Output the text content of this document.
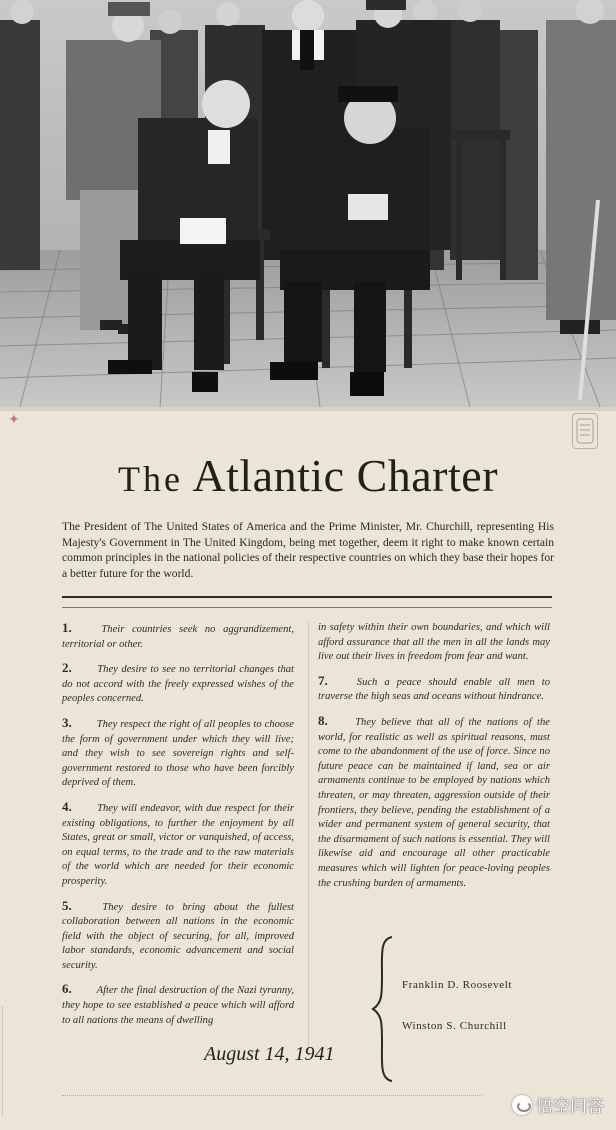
✦
The Atlantic Charter

The President of The United States of America and the Prime Minister, Mr. Churchill, representing His Majesty's Government in The United Kingdom, being met together, deem it right to make known certain common principles in the national policies of their respective countries on which they base their hopes for a better future for the world.

1.	Their countries seek no aggrandizement, territorial or other.

2. They desire to see no territorial changes that do not accord with the freely expressed wishes of the peoples concerned.

3. They respect the right of all peoples to choose the form of government under which they will live; and they wish to see sovereign rights and self-government restored to those who have been forcibly deprived of them.

4. They will endeavor, with due respect for their existing obligations, to further the enjoyment by all States, great or small, victor or vanquished, of access, on equal terms, to the trade and to the raw materials of the world which are needed for their economic prosperity.

5.	They desire to bring about the fullest collaboration between all nations in the economic field with the object of securing, for all, improved labor standards, economic advancement and social security.

6. After the final destruction of the Nazi tyranny, they hope to see established a peace which will afford to all nations the means of dwelling

in safety within their own boundaries, and which will afford assurance that all the men in all the lands may live out their lives in freedom from fear and want.

7.	Such a peace should enable all men to traverse the high seas and oceans without hindrance.

8.	They believe that all of the nations of the world, for realistic as well as spiritual reasons, must come to the abandonment of the use of force. Since no future peace can be maintained if land, sea or air armaments continue to be employed by nations which threaten, or may threaten, aggression outside of their frontiers, they believe, pending the establishment of a wider and permanent system of general security, that the disarmament of such nations is essential. They will likewise aid and encourage all other practicable measures which will lighten for peace-loving peoples the crushing burden of armaments.

Franklin D. Roosevelt
Winston S. Churchill
August 14, 1941
悟空问答
